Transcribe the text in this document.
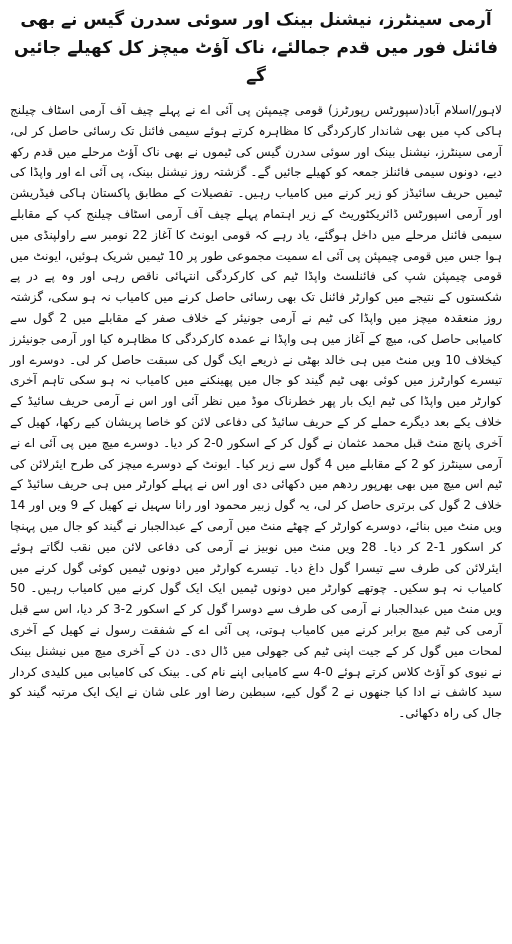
آرمی سینٹرز، نیشنل بینک اور سوئی سدرن گیس نے بھی فائنل فور میں قدم جمالئے، ناک آؤٹ میچز کل کھیلے جائیں گے

لاہور/اسلام آباد(سپورٹس رپورٹرز) قومی چیمپئن پی آئی اے نے پہلے چیف آف آرمی اسٹاف چیلنج ہاکی کپ میں بھی شاندار کارکردگی کا مظاہرہ کرتے ہوئے سیمی فائنل تک رسائی حاصل کر لی، آرمی سینٹرز، نیشنل بینک اور سوئی سدرن گیس کی ٹیموں نے بھی ناک آؤٹ مرحلے میں قدم رکھ دیے، دونوں سیمی فائنلز جمعہ کو کھیلے جائیں گے۔ گزشتہ روز نیشنل بینک، پی آئی اے اور واپڈا کی ٹیمیں حریف سائیڈز کو زیر کرنے میں کامیاب رہیں۔ تفصیلات کے مطابق پاکستان ہاکی فیڈریشن اور آرمی اسپورٹس ڈائریکٹوریٹ کے زیر اہتمام پہلے چیف آف آرمی اسٹاف چیلنج کپ کے مقابلے سیمی فائنل مرحلے میں داخل ہوگئے، یاد رہے کہ قومی ایونٹ کا آغاز 22 نومبر سے راولپنڈی میں ہوا جس میں قومی چیمپئن پی آئی اے سمیت مجموعی طور پر 10 ٹیمیں شریک ہوئیں، ایونٹ میں قومی چیمپئن شپ کی فائنلسٹ واپڈا ٹیم کی کارکردگی انتہائی ناقص رہی اور وہ پے در پے شکستوں کے نتیجے میں کوارٹر فائنل تک بھی رسائی حاصل کرنے میں کامیاب نہ ہو سکی، گزشتہ روز منعقدہ میچز میں واپڈا کی ٹیم نے آرمی جونیئر کے خلاف صفر کے مقابلے میں 2 گول سے کامیابی حاصل کی، میچ کے آغاز میں ہی واپڈا نے عمدہ کارکردگی کا مظاہرہ کیا اور آرمی جونیئرز کیخلاف 10 ویں منٹ میں ہی خالد بھٹی نے ذریعے ایک گول کی سبقت حاصل کر لی۔ دوسرے اور تیسرے کوارٹرز میں کوئی بھی ٹیم گیند کو جال میں پھینکنے میں کامیاب نہ ہو سکی تاہم آخری کوارٹر میں واپڈا کی ٹیم ایک بار پھر خطرناک موڈ میں نظر آئی اور اس نے آرمی حریف سائیڈ کے خلاف یکے بعد دیگرے حملے کر کے حریف سائیڈ کی دفاعی لائن کو خاصا پریشان کیے رکھا، کھیل کے آخری پانچ منٹ قبل محمد عثمان نے گول کر کے اسکور 0-2 کر دیا۔ دوسرے میچ میں پی آئی اے نے آرمی سینٹرز کو 2 کے مقابلے میں 4 گول سے زیر کیا۔ ایونٹ کے دوسرے میچز کی طرح ایئرلائن کی ٹیم اس میچ میں بھی بھرپور ردھم میں دکھائی دی اور اس نے پہلے کوارٹر میں ہی حریف سائیڈ کے خلاف 2 گول کی برتری حاصل کر لی، یہ گول زبیر محمود اور رانا سہیل نے کھیل کے 9 ویں اور 14 ویں منٹ میں بنائے، دوسرے کوارٹر کے چھٹے منٹ میں آرمی کے عبدالجبار نے گیند کو جال میں پہنچا کر اسکور 1-2 کر دیا۔ 28 ویں منٹ میں نوبیز نے آرمی کی دفاعی لائن میں نقب لگاتے ہوئے ایئرلائن کی طرف سے تیسرا گول داغ دیا۔ تیسرے کوارٹر میں دونوں ٹیمیں کوئی گول کرنے میں کامیاب نہ ہو سکیں۔ چوتھے کوارٹر میں دونوں ٹیمیں ایک ایک گول کرنے میں کامیاب رہیں۔ 50 ویں منٹ میں عبدالجبار نے آرمی کی طرف سے دوسرا گول کر کے اسکور 2-3 کر دیا، اس سے قبل آرمی کی ٹیم میچ برابر کرنے میں کامیاب ہوتی، پی آئی اے کے شفقت رسول نے کھیل کے آخری لمحات میں گول کر کے جیت اپنی ٹیم کی جھولی میں ڈال دی۔ دن کے آخری میچ میں نیشنل بینک نے نیوی کو آؤٹ کلاس کرتے ہوئے 0-4 سے کامیابی اپنے نام کی۔ بینک کی کامیابی میں کلیدی کردار سید کاشف نے ادا کیا جنھوں نے 2 گول کیے، سبطین رضا اور علی شان نے ایک ایک مرتبہ گیند کو جال کی راہ دکھائی۔
